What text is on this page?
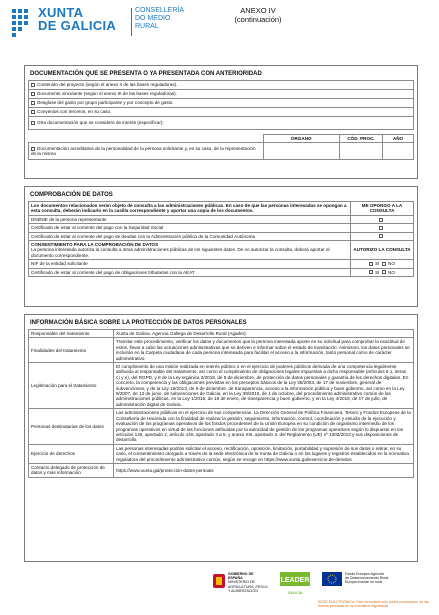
XUNTA
DE GALICIA
CONSELLERÍA
DO MEDIO
RURAL
ANEXO IV
(continuación)
DOCUMENTACIÓN QUE SE PRESENTA O YA PRESENTADA CON ANTERIORIDAD
Contenido del proyecto (según el anexo II de las bases reguladoras).
Documento vinculante (según el anexo III de las bases reguladoras).
Desglose del gasto por grupo participante y por concepto de gasto.
Convenios con terceros, en su caso.
Otra documentación que se considere de interés (especificar):
	ÓRGANO	CÓD. PROC.	AÑO
Documentación acreditativa de la personalidad de la persona solicitante y, en su caso, de la representación de la misma			
COMPROBACIÓN DE DATOS
Los documentos relacionados serán objeto de consulta a las administraciones públicas. En caso de que las personas interesadas se opongan a esta consulta, deberán indicarlo en la casilla correspondiente y aportar una copia de los documentos.	ME OPONGO A LA CONSULTA
DNI/NIE de la persona representante	
Certificado de estar al corriente del pago con la Seguridad Social	
Certificado de estar al corriente del pago de deudas con la Administración pública de la Comunidad Autónoma	

CONSENTIMIENTO PARA LA COMPROBACIÓN DE DATOS
La persona interesada autoriza la consulta a otras administraciones públicas de los siguientes datos. De no autorizar la consulta, deberá aportar el documento correspondiente.	AUTORIZO LA CONSULTA
NIF de la entidad solicitante	SÍ NO
Certificado de estar al corriente del pago de obligaciones tributarias con la AEAT	SÍ NO
INFORMACIÓN BÁSICA SOBRE LA PROTECCIÓN DE DATOS PERSONALES
Responsable del tratamiento	Xunta de Galicia, Agencia Gallega de Desarrollo Rural (Agader).
Finalidades del tratamiento	Tramitar este procedimiento, verificar los datos y documentos que la persona interesada aporte en su solicitud para comprobar la exactitud de estos, llevar a cabo las actuaciones administrativas que se deriven e informar sobre el estado de tramitación. Asimismo, los datos personales se incluirán en la Carpeta ciudadana de cada persona interesada para facilitar el acceso a la información, tanto personal como de carácter administrativo.
Legitimación para el tratamiento	El cumplimiento de una misión realizada en interés público o en el ejercicio de poderes públicos derivada de una competencia legalmente atribuida al responsable del tratamiento, así como el cumplimiento de obligaciones legales impuestas a dicho responsable (artículos 6.1, letras c) y e), del RGPD, y 8 de la Ley orgánica 3/2018, de 5 de diciembre, de protección de datos personales y garantía de los derechos digitales. En concreto, la competencia y las obligaciones previstas en los preceptos básicos de la Ley 38/2003, de 17 de noviembre, general de subvenciones, y de la Ley 19/2013, de 9 de diciembre, de transparencia, acceso a la información pública y buen gobierno, así como en la Ley 9/2007, de 13 de junio, de subvenciones de Galicia, en la Ley 39/2015, de 1 de octubre, del procedimiento administrativo común de las administraciones públicas, en la Ley 1/2016, de 18 de enero, de transparencia y buen gobierno, y en la Ley 4/2019, de 17 de julio, de administración digital de Galicia.
Personas destinatarias de los datos	Las administraciones públicas en el ejercicio de sus competencias. La Dirección General de Política Financiera, Tesoro y Fondos Europeos de la Consellería de Hacienda con la finalidad de realizar la gestión, seguimiento, información, control, coordinación y estudio de la ejecución y evaluación de los programas operativos de los fondos procedentes de la Unión Europea en su condición de organismo intermedio de los programas operativos en virtud de las funciones atribuidas por la autoridad de gestión de los programas operativos según lo dispuesto en los artículos 125, apartado 2, artículo 140, apartado 3 a 5, y anexo XIII, apartado 3, del Reglamento (UE) nº 1303/2013 y sus disposiciones de desarrollo.
Ejercicio de derechos	Las personas interesadas podrán solicitar el acceso, rectificación, oposición, limitación, portabilidad y supresión de sus datos o retirar, en su caso, el consentimiento otorgado a través de la sede electrónica de la Xunta de Galicia o en los lugares y registros establecidos en la normativa reguladora del procedimiento administrativo común, según se recoge en https://www.xunta.gal/exercicio-de-dereitos
Contacto delegado de protección de datos y más información	https://www.xunta.gal/proteccion-datos-persoais
GOBIERNO DE ESPAÑA
MINISTERIO DE AGRICULTURA, PESCA Y ALIMENTACIÓN
LEADER
GALICIA
Fondo Europeo Agrícola
de Desenvolvemento Rural
Europa investe no rural
SEDE ELECTRÓNICA: Este formulario sólo podrá presentarse en las formas previstas en la normativa reguladora
